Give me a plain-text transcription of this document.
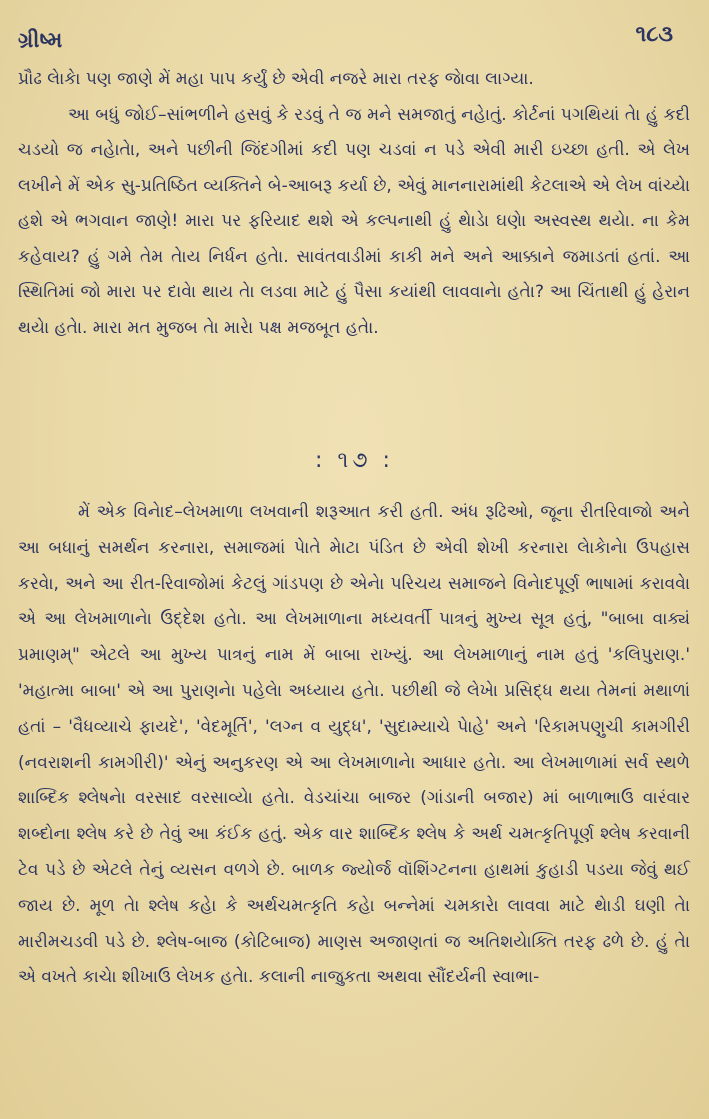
ગ્રીષ્મ	૧૮૩

પ્રૌઢ લેાકેા પણ જાણે મેં મહા પાપ કર્યું છે એવી નજરે મારા તરફ જેાવા લાગ્યા.

આ બધું જોઈ–સાંભળીને હસવું કે રડવું તે જ મને સમજાતું નહેાતું. કોર્ટનાં પગથિયાં તેા હું કદી ચડયો જ નહેાતેા, અને પછીની જિંદગીમાં કદી પણ ચડવાં ન પડે એવી મારી ઇચ્છા હતી. એ લેખ લખીને મેં એક સુ-પ્રતિષ્ઠિત વ્યક્તિને બે-આબરૂ કર્યા છે, એવું માનનારામાંથી કેટલાએ એ લેખ વાંચ્યેા હશે એ ભગવાન જાણે! મારા પર ફરિયાદ થશે એ કલ્પનાથી હું થેાડેા ઘણેા અસ્વસ્થ થયેા. ના કેમ કહેવાય? હું ગમે તેમ તેાય નિર્ધન હતેા. સાવંતવાડીમાં કાકી મને અને આક્કાને જમાડતાં હતાં. આ સ્થિતિમાં જો મારા પર દાવેા થાય તેા લડવા માટે હું પૈસા કયાંથી લાવવાનેા હતેા? આ ચિંતાથી હું હેરાન થયેા હતેા. મારા મત મુજબ તેા મારેા પક્ષ મજબૂત હતેા.

: ૧૭ :

મેં એક વિનેાદ–લેખમાળા લખવાની શરૂઆત કરી હતી. અંધ રૂઢિઓ, જૂના રીતરિવાજો અને આ બધાનું સમર્થન કરનારા, સમાજમાં પેાતે મેાટા પંડિત છે એવી શેખી કરનારા લેાકેાનેા ઉપહાસ કરવેા, અને આ રીત-રિવાજોમાં કેટલું ગાંડપણ છે એનેા પરિચય સમાજને વિનેાદપૂર્ણ ભાષામાં કરાવવેા એ આ લેખમાળાનેા ઉદ્દેશ હતેા. આ લેખમાળાના મધ્યવર્તી પાત્રનું મુખ્ય સૂત્ર હતું, "બાબા વાક્યં પ્રમાણમ્" એટલે આ મુખ્ય પાત્રનું નામ મેં બાબા રાખ્યું. આ લેખમાળાનું નામ હતું 'કલિપુરાણ.' 'મહાત્મા બાબા' એ આ પુરાણનેા પહેલેા અધ્યાય હતેા. પછીથી જે લેખેા પ્રસિદ્ધ થયા તેમનાં મથાળાં હતાં – 'વૈધવ્યાચે ફાયદે', 'વેદમૂર્તિ', 'લગ્ન વ યુદ્ધ', 'સુદામ્યાચે પેાહે' અને 'રિકામપણુચી કામગીરી (નવરાશની કામગીરી)' એનું અનુકરણ એ આ લેખમાળાનેા આધાર હતેા. આ લેખમાળામાં સર્વ સ્થળે શાબ્દિક શ્લેષનેા વરસાદ વરસાવ્યેા હતેા. વેડચાંચા બાજર (ગાંડાની બજાર) માં બાળાભાઉ વારંવાર શબ્દોના શ્લેષ કરે છે તેવું આ કંઈક હતું. એક વાર શાબ્દિક શ્લેષ કે અર્થ ચમત્કૃતિપૂર્ણ શ્લેષ કરવાની ટેવ પડે છે એટલે તેનું વ્યસન વળગે છે. બાળક જ્યોર્જ વૉશિંગ્ટનના હાથમાં કુહાડી પડયા જેવું થઈ જાય છે. મૂળ તેા શ્લેષ કહેા કે અર્થચમત્કૃતિ કહેા બન્નેમાં ચમકારેા લાવવા માટે થેાડી ઘણી તેા મારીમચડવી પડે છે. શ્લેષ-બાજ (કોટિબાજ) માણસ અજાણતાં જ અતિશયેાક્તિ તરફ ઢળે છે. હું તેા એ વખતે કાચેા શીખાઉ લેખક હતેા. કલાની નાજુકતા અથવા સૌંદર્યની સ્વાભા-
